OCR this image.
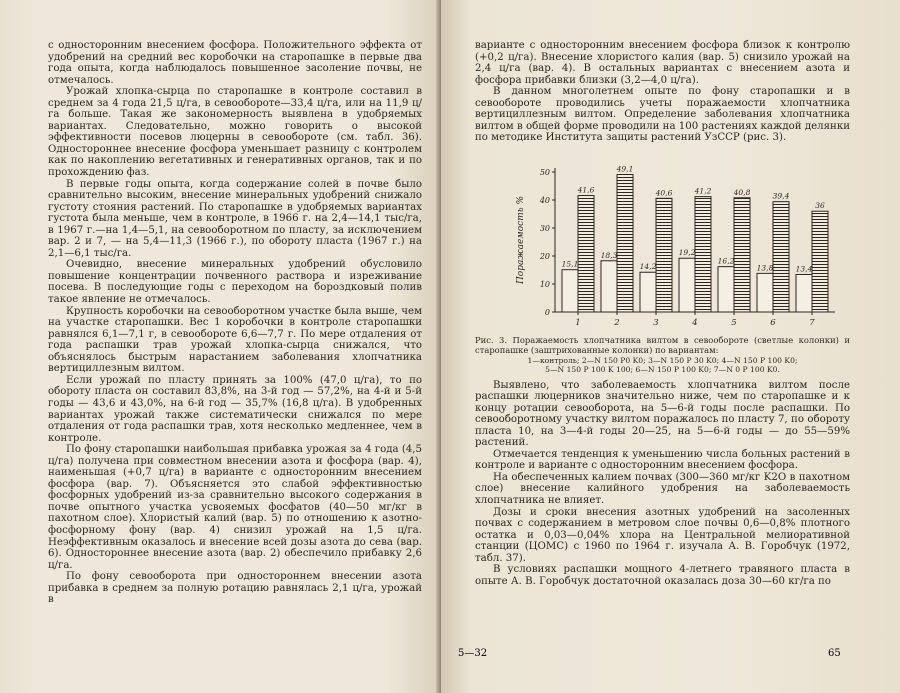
с односторонним внесением фосфора. Положительного эффекта от удобрений на средний вес коробочки на старопашке в первые два года опыта, когда наблюдалось повышенное засоление почвы, не отмечалось.

Урожай хлопка-сырца по старопашке в контроле составил в среднем за 4 года 21,5 ц/га, в севообороте—33,4 ц/га, или на 11,9 ц/га больше. Такая же закономерность выявлена в удобряемых вариантах. Следовательно, можно говорить о высокой эффективности посевов люцерны в севообороте (см. табл. 36). Одностороннее внесение фосфора уменьшает разницу с контролем как по накоплению вегетативных и генеративных органов, так и по прохождению фаз.

В первые годы опыта, когда содержание солей в почве было сравнительно высоким, внесение минеральных удобрений снижало густоту стояния растений. По старопашке в удобряемых вариантах густота была меньше, чем в контроле, в 1966 г. на 2,4—14,1 тыс/га, в 1967 г.—на 1,4—5,1, на севооборотном по пласту, за исключением вар. 2 и 7, — на 5,4—11,3 (1966 г.), по обороту пласта (1967 г.) на 2,1—6,1 тыс/га.

Очевидно, внесение минеральных удобрений обусловило повышение концентрации почвенного раствора и изреживание посева. В последующие годы с переходом на бороздковый полив такое явление не отмечалось.

Крупность коробочки на севооборотном участке была выше, чем на участке старопашки. Вес 1 коробочки в контроле старопашки равнялся 6,1—7,1 г, в севообороте 6,6—7,7 г. По мере отдаления от года распашки трав урожай хлопка-сырца снижался, что объяснялось быстрым нарастанием заболевания хлопчатника вертициллезным вилтом.

Если урожай по пласту принять за 100% (47,0 ц/га), то по обороту пласта он составил 83,8%, на 3-й год — 57,2%, на 4-й и 5-й годы — 43,6 и 43,0%, на 6-й год — 35,7% (16,8 ц/га). В удобренных вариантах урожай также систематически снижался по мере отдаления от года распашки трав, хотя несколько медленнее, чем в контроле.

По фону старопашки наибольшая прибавка урожая за 4 года (4,5 ц/га) получена при совместном внесении азота и фосфора (вар. 4), наименьшая (+0,7 ц/га) в варианте с односторонним внесением фосфора (вар. 7). Объясняется это слабой эффективностью фосфорных удобрений из-за сравнительно высокого содержания в почве опытного участка усвояемых фосфатов (40—50 мг/кг в пахотном слое). Хлористый калий (вар. 5) по отношению к азотно-фосфорному фону (вар. 4) снизил урожай на 1,5 ц/га. Неэффективным оказалось и внесение всей дозы азота до сева (вар. 6). Одностороннее внесение азота (вар. 2) обеспечило прибавку 2,6 ц/га.

По фону севооборота при одностороннем внесении азота прибавка в среднем за полную ротацию равнялась 2,1 ц/га, урожай в

варианте с односторонним внесением фосфора близок к контролю (+0,2 ц/га). Внесение хлористого калия (вар. 5) снизило урожай на 2,4 ц/га (вар. 4). В остальных вариантах с внесением азота и фосфора прибавки близки (3,2—4,0 ц/га).

В данном многолетнем опыте по фону старопашки и в севообороте проводились учеты поражаемости хлопчатника вертициллезным вилтом. Определение заболевания хлопчатника вилтом в общей форме проводили на 100 растениях каждой делянки по методике Института защиты растений УзССР (рис. 3).

0
10
20
30
40
50
1	2	3	4	5	6	7
15,1
41,6
18,3
49,1
14,2
40,6
19,2
41,2
16,2
40,8
13,8
39,4
13,4
36
Поражаемость %

Рис. 3. Поражаемость хлопчатника вилтом в севообороте (светлые колонки) и старопашке (заштрихованные колонки) по вариантам:

1—контроль; 2—N 150 P0 K0; 3—N 150 P 30 K0; 4—N 150 P 100 K0;

5—N 150 P 100 K 100; 6—N 150 P 100 K0; 7—N 0 P 100 K0.

Выявлено, что заболеваемость хлопчатника вилтом после распашки люцерников значительно ниже, чем по старопашке и к концу ротации севооборота, на 5—6-й годы после распашки. По севооборотному участку вилтом поражалось по пласту 7, по обороту пласта 10, на 3—4-й годы 20—25, на 5—6-й годы — до 55—59% растений.

Отмечается тенденция к уменьшению числа больных растений в контроле и варианте с односторонним внесением фосфора.

На обеспеченных калием почвах (300—360 мг/кг K2O в пахотном слое) внесение калийного удобрения на заболеваемость хлопчатника не влияет.

Дозы и сроки внесения азотных удобрений на засоленных почвах с содержанием в метровом слое почвы 0,6—0,8% плотного остатка и 0,03—0,04% хлора на Центральной мелиоративной станции (ЦОМС) с 1960 по 1964 г. изучала А. В. Горобчук (1972, табл. 37).

В условиях распашки мощного 4-летнего травяного пласта в опыте А. В. Горобчук достаточной оказалась доза 30—60 кг/га по

5—32	65
